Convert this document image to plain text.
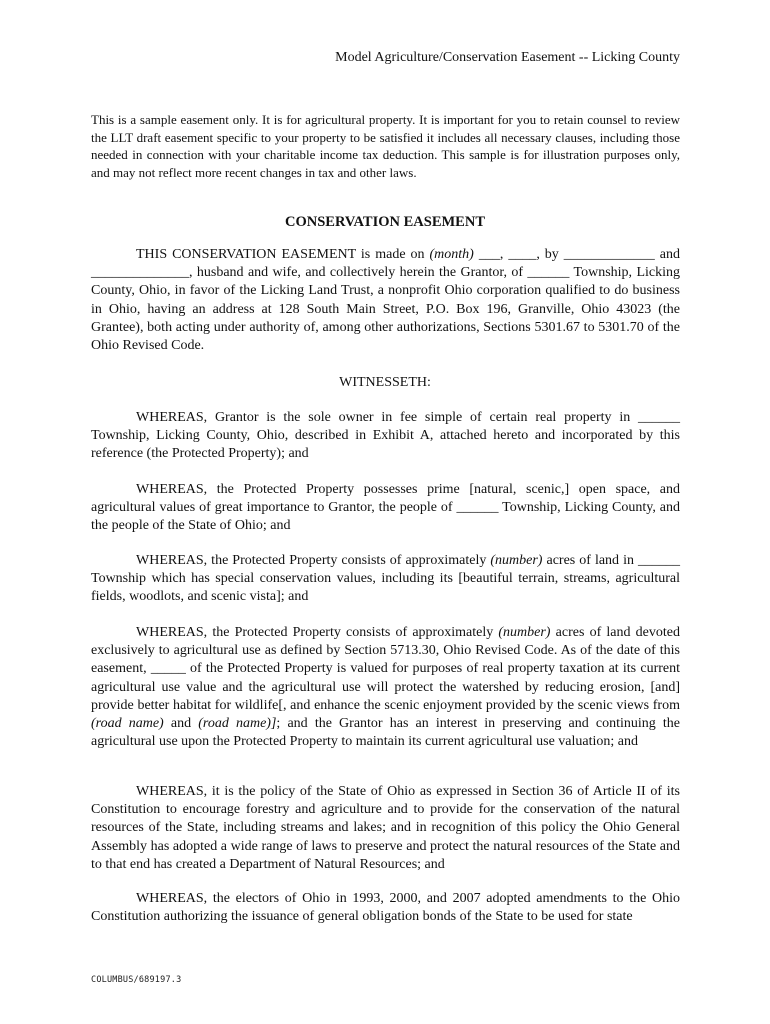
Model Agriculture/Conservation Easement -- Licking County
This is a sample easement only. It is for agricultural property. It is important for you to retain counsel to review the LLT draft easement specific to your property to be satisfied it includes all necessary clauses, including those needed in connection with your charitable income tax deduction. This sample is for illustration purposes only, and may not reflect more recent changes in tax and other laws.
CONSERVATION EASEMENT
THIS CONSERVATION EASEMENT is made on (month) ___, ____, by _____________ and ______________, husband and wife, and collectively herein the Grantor, of ______ Township, Licking County, Ohio, in favor of the Licking Land Trust, a nonprofit Ohio corporation qualified to do business in Ohio, having an address at 128 South Main Street, P.O. Box 196, Granville, Ohio 43023 (the Grantee), both acting under authority of, among other authorizations, Sections 5301.67 to 5301.70 of the Ohio Revised Code.
WITNESSETH:
WHEREAS, Grantor is the sole owner in fee simple of certain real property in ______ Township, Licking County, Ohio, described in Exhibit A, attached hereto and incorporated by this reference (the Protected Property); and
WHEREAS, the Protected Property possesses prime [natural, scenic,] open space, and agricultural values of great importance to Grantor, the people of ______ Township, Licking County, and the people of the State of Ohio; and
WHEREAS, the Protected Property consists of approximately (number) acres of land in ______ Township which has special conservation values, including its [beautiful terrain, streams, agricultural fields, woodlots, and scenic vista]; and
WHEREAS, the Protected Property consists of approximately (number) acres of land devoted exclusively to agricultural use as defined by Section 5713.30, Ohio Revised Code. As of the date of this easement, _____ of the Protected Property is valued for purposes of real property taxation at its current agricultural use value and the agricultural use will protect the watershed by reducing erosion, [and] provide better habitat for wildlife[, and enhance the scenic enjoyment provided by the scenic views from (road name) and (road name)]; and the Grantor has an interest in preserving and continuing the agricultural use upon the Protected Property to maintain its current agricultural use valuation; and
WHEREAS, it is the policy of the State of Ohio as expressed in Section 36 of Article II of its Constitution to encourage forestry and agriculture and to provide for the conservation of the natural resources of the State, including streams and lakes; and in recognition of this policy the Ohio General Assembly has adopted a wide range of laws to preserve and protect the natural resources of the State and to that end has created a Department of Natural Resources; and
WHEREAS, the electors of Ohio in 1993, 2000, and 2007 adopted amendments to the Ohio Constitution authorizing the issuance of general obligation bonds of the State to be used for state
COLUMBUS/689197.3
